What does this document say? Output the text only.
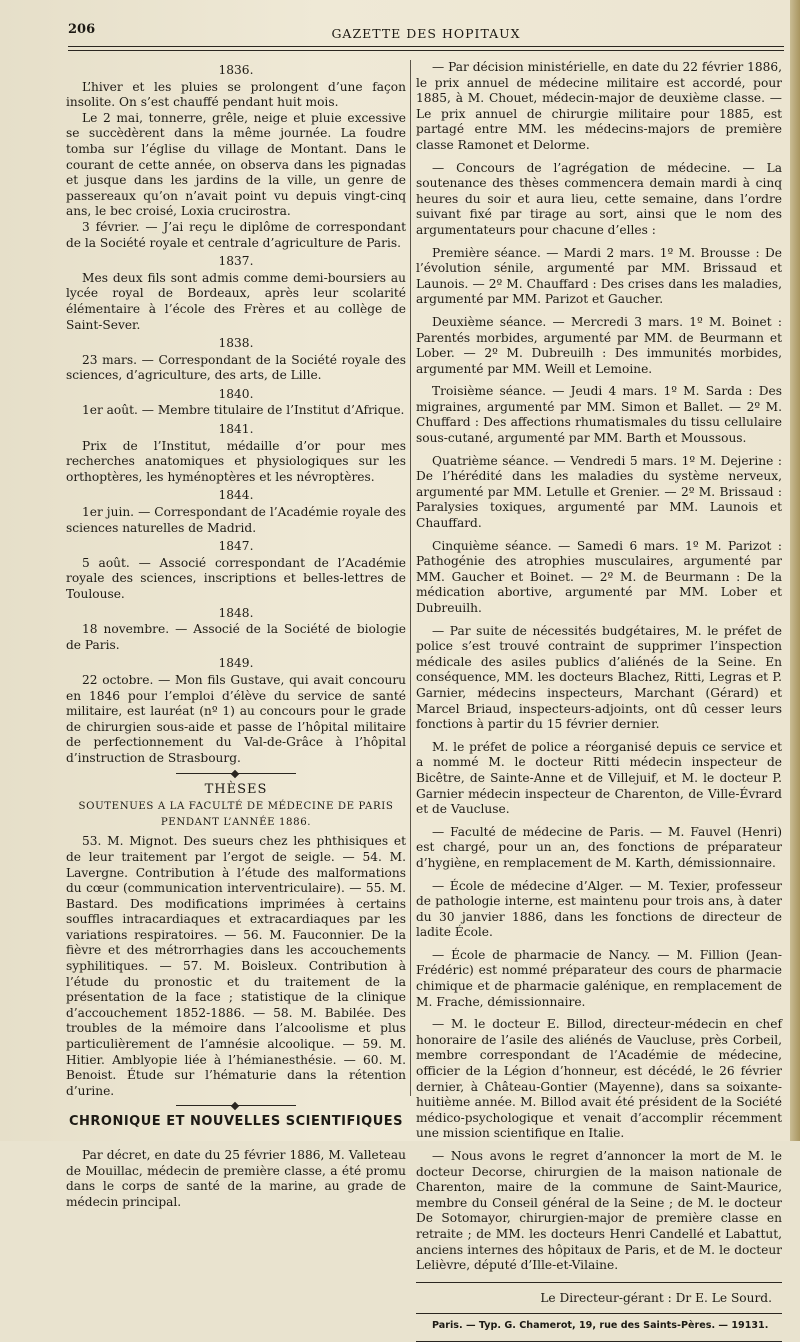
206	GAZETTE DES HOPITAUX

1836.

L’hiver et les pluies se prolongent d’une façon insolite. On s’est chauffé pendant huit mois.

Le 2 mai, tonnerre, grêle, neige et pluie excessive se succèdèrent dans la même journée. La foudre tomba sur l’église du village de Montant. Dans le courant de cette année, on observa dans les pignadas et jusque dans les jardins de la ville, un genre de passereaux qu’on n’avait point vu depuis vingt-cinq ans, le bec croisé, Loxia crucirostra.

3 février. — J’ai reçu le diplôme de correspondant de la Société royale et centrale d’agriculture de Paris.

1837.

Mes deux fils sont admis comme demi-boursiers au lycée royal de Bordeaux, après leur scolarité élémentaire à l’école des Frères et au collège de Saint-Sever.

1838.

23 mars. — Correspondant de la Société royale des sciences, d’agriculture, des arts, de Lille.

1840.

1er août. — Membre titulaire de l’Institut d’Afrique.

1841.

Prix de l’Institut, médaille d’or pour mes recherches anatomiques et physiologiques sur les orthoptères, les hyménoptères et les névroptères.

1844.

1er juin. — Correspondant de l’Académie royale des sciences naturelles de Madrid.

1847.

5 août. — Associé correspondant de l’Académie royale des sciences, inscriptions et belles-lettres de Toulouse.

1848.

18 novembre. — Associé de la Société de biologie de Paris.

1849.

22 octobre. — Mon fils Gustave, qui avait concouru en 1846 pour l’emploi d’élève du service de santé militaire, est lauréat (nº 1) au concours pour le grade de chirurgien sous-aide et passe de l’hôpital militaire de perfectionnement du Val-de-Grâce à l’hôpital d’instruction de Strasbourg.

THÈSES
SOUTENUES A LA FACULTÉ DE MÉDECINE DE PARIS
PENDANT L’ANNÉE 1886.

53. M. Mignot. Des sueurs chez les phthisiques et de leur traitement par l’ergot de seigle. — 54. M. Lavergne. Contribution à l’étude des malformations du cœur (communication interventriculaire). — 55. M. Bastard. Des modifications imprimées à certains souffles intracardiaques et extracardiaques par les variations respiratoires. — 56. M. Fauconnier. De la fièvre et des métrorrhagies dans les accouchements syphilitiques. — 57. M. Boisleux. Contribution à l’étude du pronostic et du traitement de la présentation de la face ; statistique de la clinique d’accouchement 1852-1886. — 58. M. Babilée. Des troubles de la mémoire dans l’alcoolisme et plus particulièrement de l’amnésie alcoolique. — 59. M. Hitier. Amblyopie liée à l’hémianesthésie. — 60. M. Benoist. Étude sur l’hématurie dans la rétention d’urine.

CHRONIQUE ET NOUVELLES SCIENTIFIQUES

Par décret, en date du 25 février 1886, M. Valleteau de Mouillac, médecin de première classe, a été promu dans le corps de santé de la marine, au grade de médecin principal.

— Par décision ministérielle, en date du 22 février 1886, le prix annuel de médecine militaire est accordé, pour 1885, à M. Chouet, médecin-major de deuxième classe. — Le prix annuel de chirurgie militaire pour 1885, est partagé entre MM. les médecins-majors de première classe Ramonet et Delorme.

— Concours de l’agrégation de médecine. — La soutenance des thèses commencera demain mardi à cinq heures du soir et aura lieu, cette semaine, dans l’ordre suivant fixé par tirage au sort, ainsi que le nom des argumentateurs pour chacune d’elles :

Première séance. — Mardi 2 mars. 1º M. Brousse : De l’évolution sénile, argumenté par MM. Brissaud et Launois. — 2º M. Chauffard : Des crises dans les maladies, argumenté par MM. Parizot et Gaucher.

Deuxième séance. — Mercredi 3 mars. 1º M. Boinet : Parentés morbides, argumenté par MM. de Beurmann et Lober. — 2º M. Dubreuilh : Des immunités morbides, argumenté par MM. Weill et Lemoine.

Troisième séance. — Jeudi 4 mars. 1º M. Sarda : Des migraines, argumenté par MM. Simon et Ballet. — 2º M. Chuffard : Des affections rhumatismales du tissu cellulaire sous-cutané, argumenté par MM. Barth et Moussous.

Quatrième séance. — Vendredi 5 mars. 1º M. Dejerine : De l’hérédité dans les maladies du système nerveux, argumenté par MM. Letulle et Grenier. — 2º M. Brissaud : Paralysies toxiques, argumenté par MM. Launois et Chauffard.

Cinquième séance. — Samedi 6 mars. 1º M. Parizot : Pathogénie des atrophies musculaires, argumenté par MM. Gaucher et Boinet. — 2º M. de Beurmann : De la médication abortive, argumenté par MM. Lober et Dubreuilh.

— Par suite de nécessités budgétaires, M. le préfet de police s’est trouvé contraint de supprimer l’inspection médicale des asiles publics d’aliénés de la Seine. En conséquence, MM. les docteurs Blachez, Ritti, Legras et P. Garnier, médecins inspecteurs, Marchant (Gérard) et Marcel Briaud, inspecteurs-adjoints, ont dû cesser leurs fonctions à partir du 15 février dernier.

M. le préfet de police a réorganisé depuis ce service et a nommé M. le docteur Ritti médecin inspecteur de Bicêtre, de Sainte-Anne et de Villejuif, et M. le docteur P. Garnier médecin inspecteur de Charenton, de Ville-Évrard et de Vaucluse.

— Faculté de médecine de Paris. — M. Fauvel (Henri) est chargé, pour un an, des fonctions de préparateur d’hygiène, en remplacement de M. Karth, démissionnaire.

— École de médecine d’Alger. — M. Texier, professeur de pathologie interne, est maintenu pour trois ans, à dater du 30 janvier 1886, dans les fonctions de directeur de ladite École.

— École de pharmacie de Nancy. — M. Fillion (Jean-Frédéric) est nommé préparateur des cours de pharmacie chimique et de pharmacie galénique, en remplacement de M. Frache, démissionnaire.

— M. le docteur E. Billod, directeur-médecin en chef honoraire de l’asile des aliénés de Vaucluse, près Corbeil, membre correspondant de l’Académie de médecine, officier de la Légion d’honneur, est décédé, le 26 février dernier, à Château-Gontier (Mayenne), dans sa soixante-huitième année. M. Billod avait été président de la Société médico-psychologique et venait d’accomplir récemment une mission scientifique en Italie.

— Nous avons le regret d’annoncer la mort de M. le docteur Decorse, chirurgien de la maison nationale de Charenton, maire de la commune de Saint-Maurice, membre du Conseil général de la Seine ; de M. le docteur De Sotomayor, chirurgien-major de première classe en retraite ; de MM. les docteurs Henri Candellé et Labattut, anciens internes des hôpitaux de Paris, et de M. le docteur Lelièvre, député d’Ille-et-Vilaine.

Le Directeur-gérant : Dr E. Le Sourd.

Paris. — Typ. G. Chamerot, 19, rue des Saints-Pères. — 19131.
